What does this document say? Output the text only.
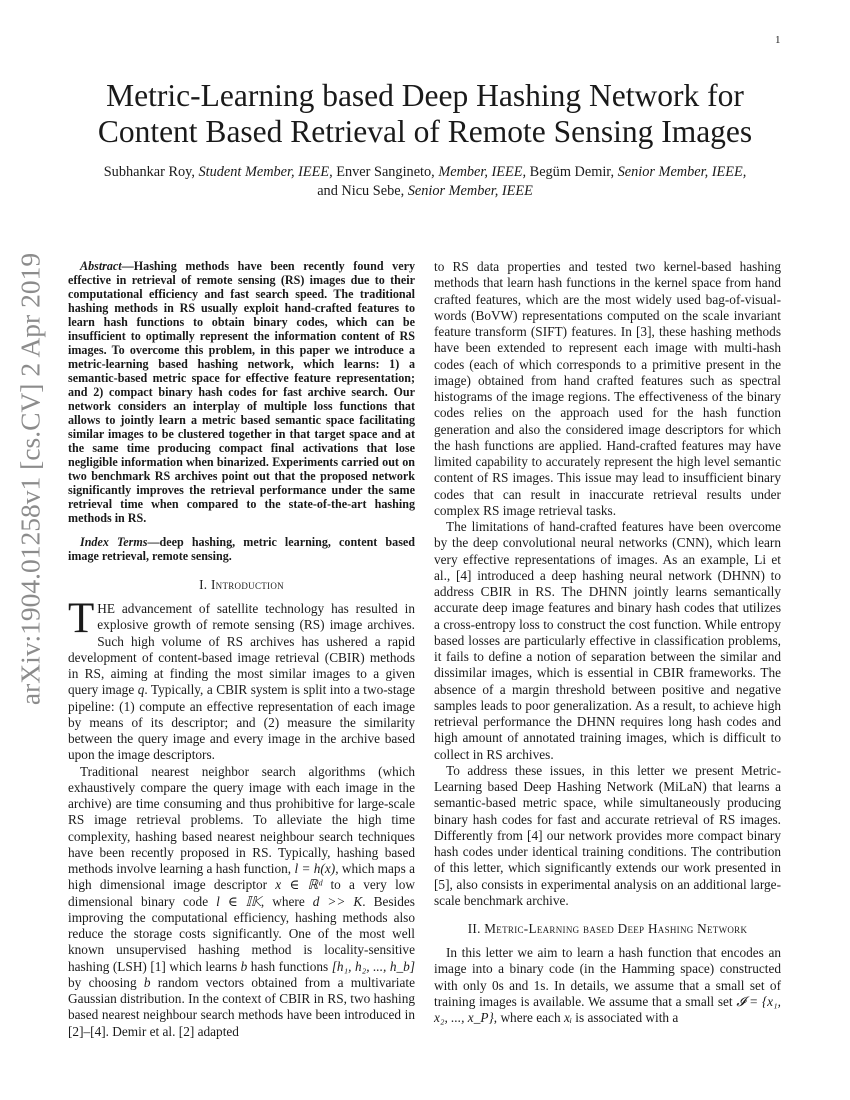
1
arXiv:1904.01258v1 [cs.CV] 2 Apr 2019
Metric-Learning based Deep Hashing Network for
Content Based Retrieval of Remote Sensing Images
Subhankar Roy, Student Member, IEEE, Enver Sangineto, Member, IEEE, Begüm Demir, Senior Member, IEEE,
and Nicu Sebe, Senior Member, IEEE

Abstract—Hashing methods have been recently found very effective in retrieval of remote sensing (RS) images due to their computational efficiency and fast search speed. The traditional hashing methods in RS usually exploit hand-crafted features to learn hash functions to obtain binary codes, which can be insufficient to optimally represent the information content of RS images. To overcome this problem, in this paper we introduce a metric-learning based hashing network, which learns: 1) a semantic-based metric space for effective feature representation; and 2) compact binary hash codes for fast archive search. Our network considers an interplay of multiple loss functions that allows to jointly learn a metric based semantic space facilitating similar images to be clustered together in that target space and at the same time producing compact final activations that lose negligible information when binarized. Experiments carried out on two benchmark RS archives point out that the proposed network significantly improves the retrieval performance under the same retrieval time when compared to the state-of-the-art hashing methods in RS.

Index Terms—deep hashing, metric learning, content based image retrieval, remote sensing.

I. Introduction

THE advancement of satellite technology has resulted in explosive growth of remote sensing (RS) image archives. Such high volume of RS archives has ushered a rapid development of content-based image retrieval (CBIR) methods in RS, aiming at finding the most similar images to a given query image q. Typically, a CBIR system is split into a two-stage pipeline: (1) compute an effective representation of each image by means of its descriptor; and (2) measure the similarity between the query image and every image in the archive based upon the image descriptors.

Traditional nearest neighbor search algorithms (which exhaustively compare the query image with each image in the archive) are time consuming and thus prohibitive for large-scale RS image retrieval problems. To alleviate the high time complexity, hashing based nearest neighbour search techniques have been recently proposed in RS. Typically, hashing based methods involve learning a hash function, l = h(x), which maps a high dimensional image descriptor x ∈ ℝᵈ to a very low dimensional binary code l ∈ 𝕀𝕂, where d >> K. Besides improving the computational efficiency, hashing methods also reduce the storage costs significantly. One of the most well known unsupervised hashing method is locality-sensitive hashing (LSH) [1] which learns b hash functions [h₁, h₂, ..., h_b] by choosing b random vectors obtained from a multivariate Gaussian distribution. In the context of CBIR in RS, two hashing based nearest neighbour search methods have been introduced in [2]–[4]. Demir et al. [2] adapted

to RS data properties and tested two kernel-based hashing methods that learn hash functions in the kernel space from hand crafted features, which are the most widely used bag-of-visual-words (BoVW) representations computed on the scale invariant feature transform (SIFT) features. In [3], these hashing methods have been extended to represent each image with multi-hash codes (each of which corresponds to a primitive present in the image) obtained from hand crafted features such as spectral histograms of the image regions. The effectiveness of the binary codes relies on the approach used for the hash function generation and also the considered image descriptors for which the hash functions are applied. Hand-crafted features may have limited capability to accurately represent the high level semantic content of RS images. This issue may lead to insufficient binary codes that can result in inaccurate retrieval results under complex RS image retrieval tasks.

The limitations of hand-crafted features have been overcome by the deep convolutional neural networks (CNN), which learn very effective representations of images. As an example, Li et al., [4] introduced a deep hashing neural network (DHNN) to address CBIR in RS. The DHNN jointly learns semantically accurate deep image features and binary hash codes that utilizes a cross-entropy loss to construct the cost function. While entropy based losses are particularly effective in classification problems, it fails to define a notion of separation between the similar and dissimilar images, which is essential in CBIR frameworks. The absence of a margin threshold between positive and negative samples leads to poor generalization. As a result, to achieve high retrieval performance the DHNN requires long hash codes and high amount of annotated training images, which is difficult to collect in RS archives.

To address these issues, in this letter we present Metric-Learning based Deep Hashing Network (MiLaN) that learns a semantic-based metric space, while simultaneously producing binary hash codes for fast and accurate retrieval of RS images. Differently from [4] our network provides more compact binary hash codes under identical training conditions. The contribution of this letter, which significantly extends our work presented in [5], also consists in experimental analysis on an additional large-scale benchmark archive.

II. Metric-Learning based Deep Hashing Network

In this letter we aim to learn a hash function that encodes an image into a binary code (in the Hamming space) constructed with only 0s and 1s. In details, we assume that a small set of training images is available. We assume that a small set 𝓘 = {x₁, x₂, ..., x_P}, where each xᵢ is associated with a
